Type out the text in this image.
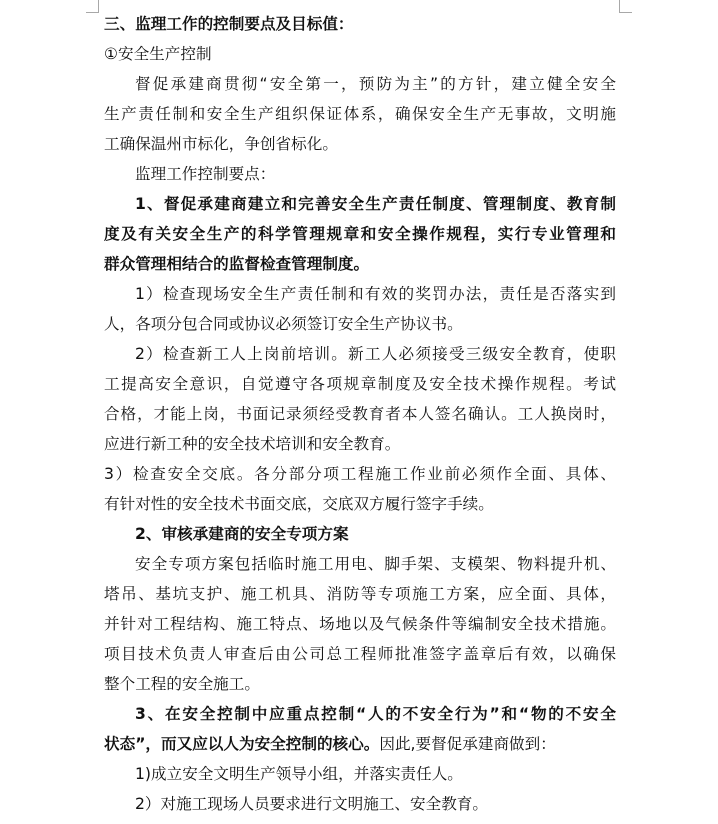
三、监理工作的控制要点及目标值：
①安全生产控制
督促承建商贯彻“安全第一，预防为主”的方针，建立健全安全
生产责任制和安全生产组织保证体系，确保安全生产无事故，文明施
工确保温州市标化，争创省标化。
监理工作控制要点：
1、督促承建商建立和完善安全生产责任制度、管理制度、教育制
度及有关安全生产的科学管理规章和安全操作规程，实行专业管理和
群众管理相结合的监督检查管理制度。
1）检查现场安全生产责任制和有效的奖罚办法，责任是否落实到
人，各项分包合同或协议必须签订安全生产协议书。
2）检查新工人上岗前培训。新工人必须接受三级安全教育，使职
工提高安全意识，自觉遵守各项规章制度及安全技术操作规程。考试
合格，才能上岗，书面记录须经受教育者本人签名确认。工人换岗时，
应进行新工种的安全技术培训和安全教育。
3）检查安全交底。各分部分项工程施工作业前必须作全面、具体、
有针对性的安全技术书面交底，交底双方履行签字手续。
2、审核承建商的安全专项方案
安全专项方案包括临时施工用电、脚手架、支模架、物料提升机、
塔吊、基坑支护、施工机具、消防等专项施工方案，应全面、具体，
并针对工程结构、施工特点、场地以及气候条件等编制安全技术措施。
项目技术负责人审查后由公司总工程师批准签字盖章后有效，以确保
整个工程的安全施工。
3、在安全控制中应重点控制“人的不安全行为”和“物的不安全
状态”，而又应以人为安全控制的核心。因此,要督促承建商做到：
1)成立安全文明生产领导小组，并落实责任人。
2）对施工现场人员要求进行文明施工、安全教育。
